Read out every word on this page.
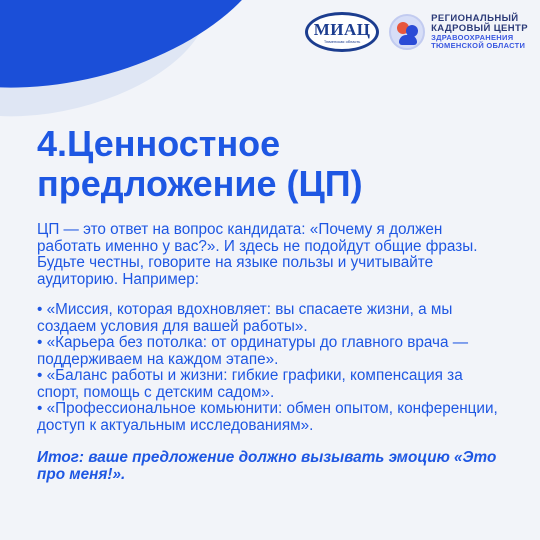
МИАЦ
Тюменская область
РЕГИОНАЛЬНЫЙ
КАДРОВЫЙ ЦЕНТР
ЗДРАВООХРАНЕНИЯ
ТЮМЕНСКОЙ ОБЛАСТИ
4.Ценностное
предложение (ЦП)

ЦП — это ответ на вопрос кандидата: «Почему я должен работать именно у вас?». И здесь не подойдут общие фразы. Будьте честны, говорите на языке пользы и учитывайте аудиторию. Например:

• «Миссия, которая вдохновляет: вы спасаете жизни, а мы создаем условия для вашей работы».
• «Карьера без потолка: от ординатуры до главного врача — поддерживаем на каждом этапе».
• «Баланс работы и жизни: гибкие графики, компенсация за спорт, помощь с детским садом».
• «Профессиональное комьюнити: обмен опытом, конференции, доступ к актуальным исследованиям».

Итог: ваше предложение должно вызывать эмоцию «Это про меня!».
